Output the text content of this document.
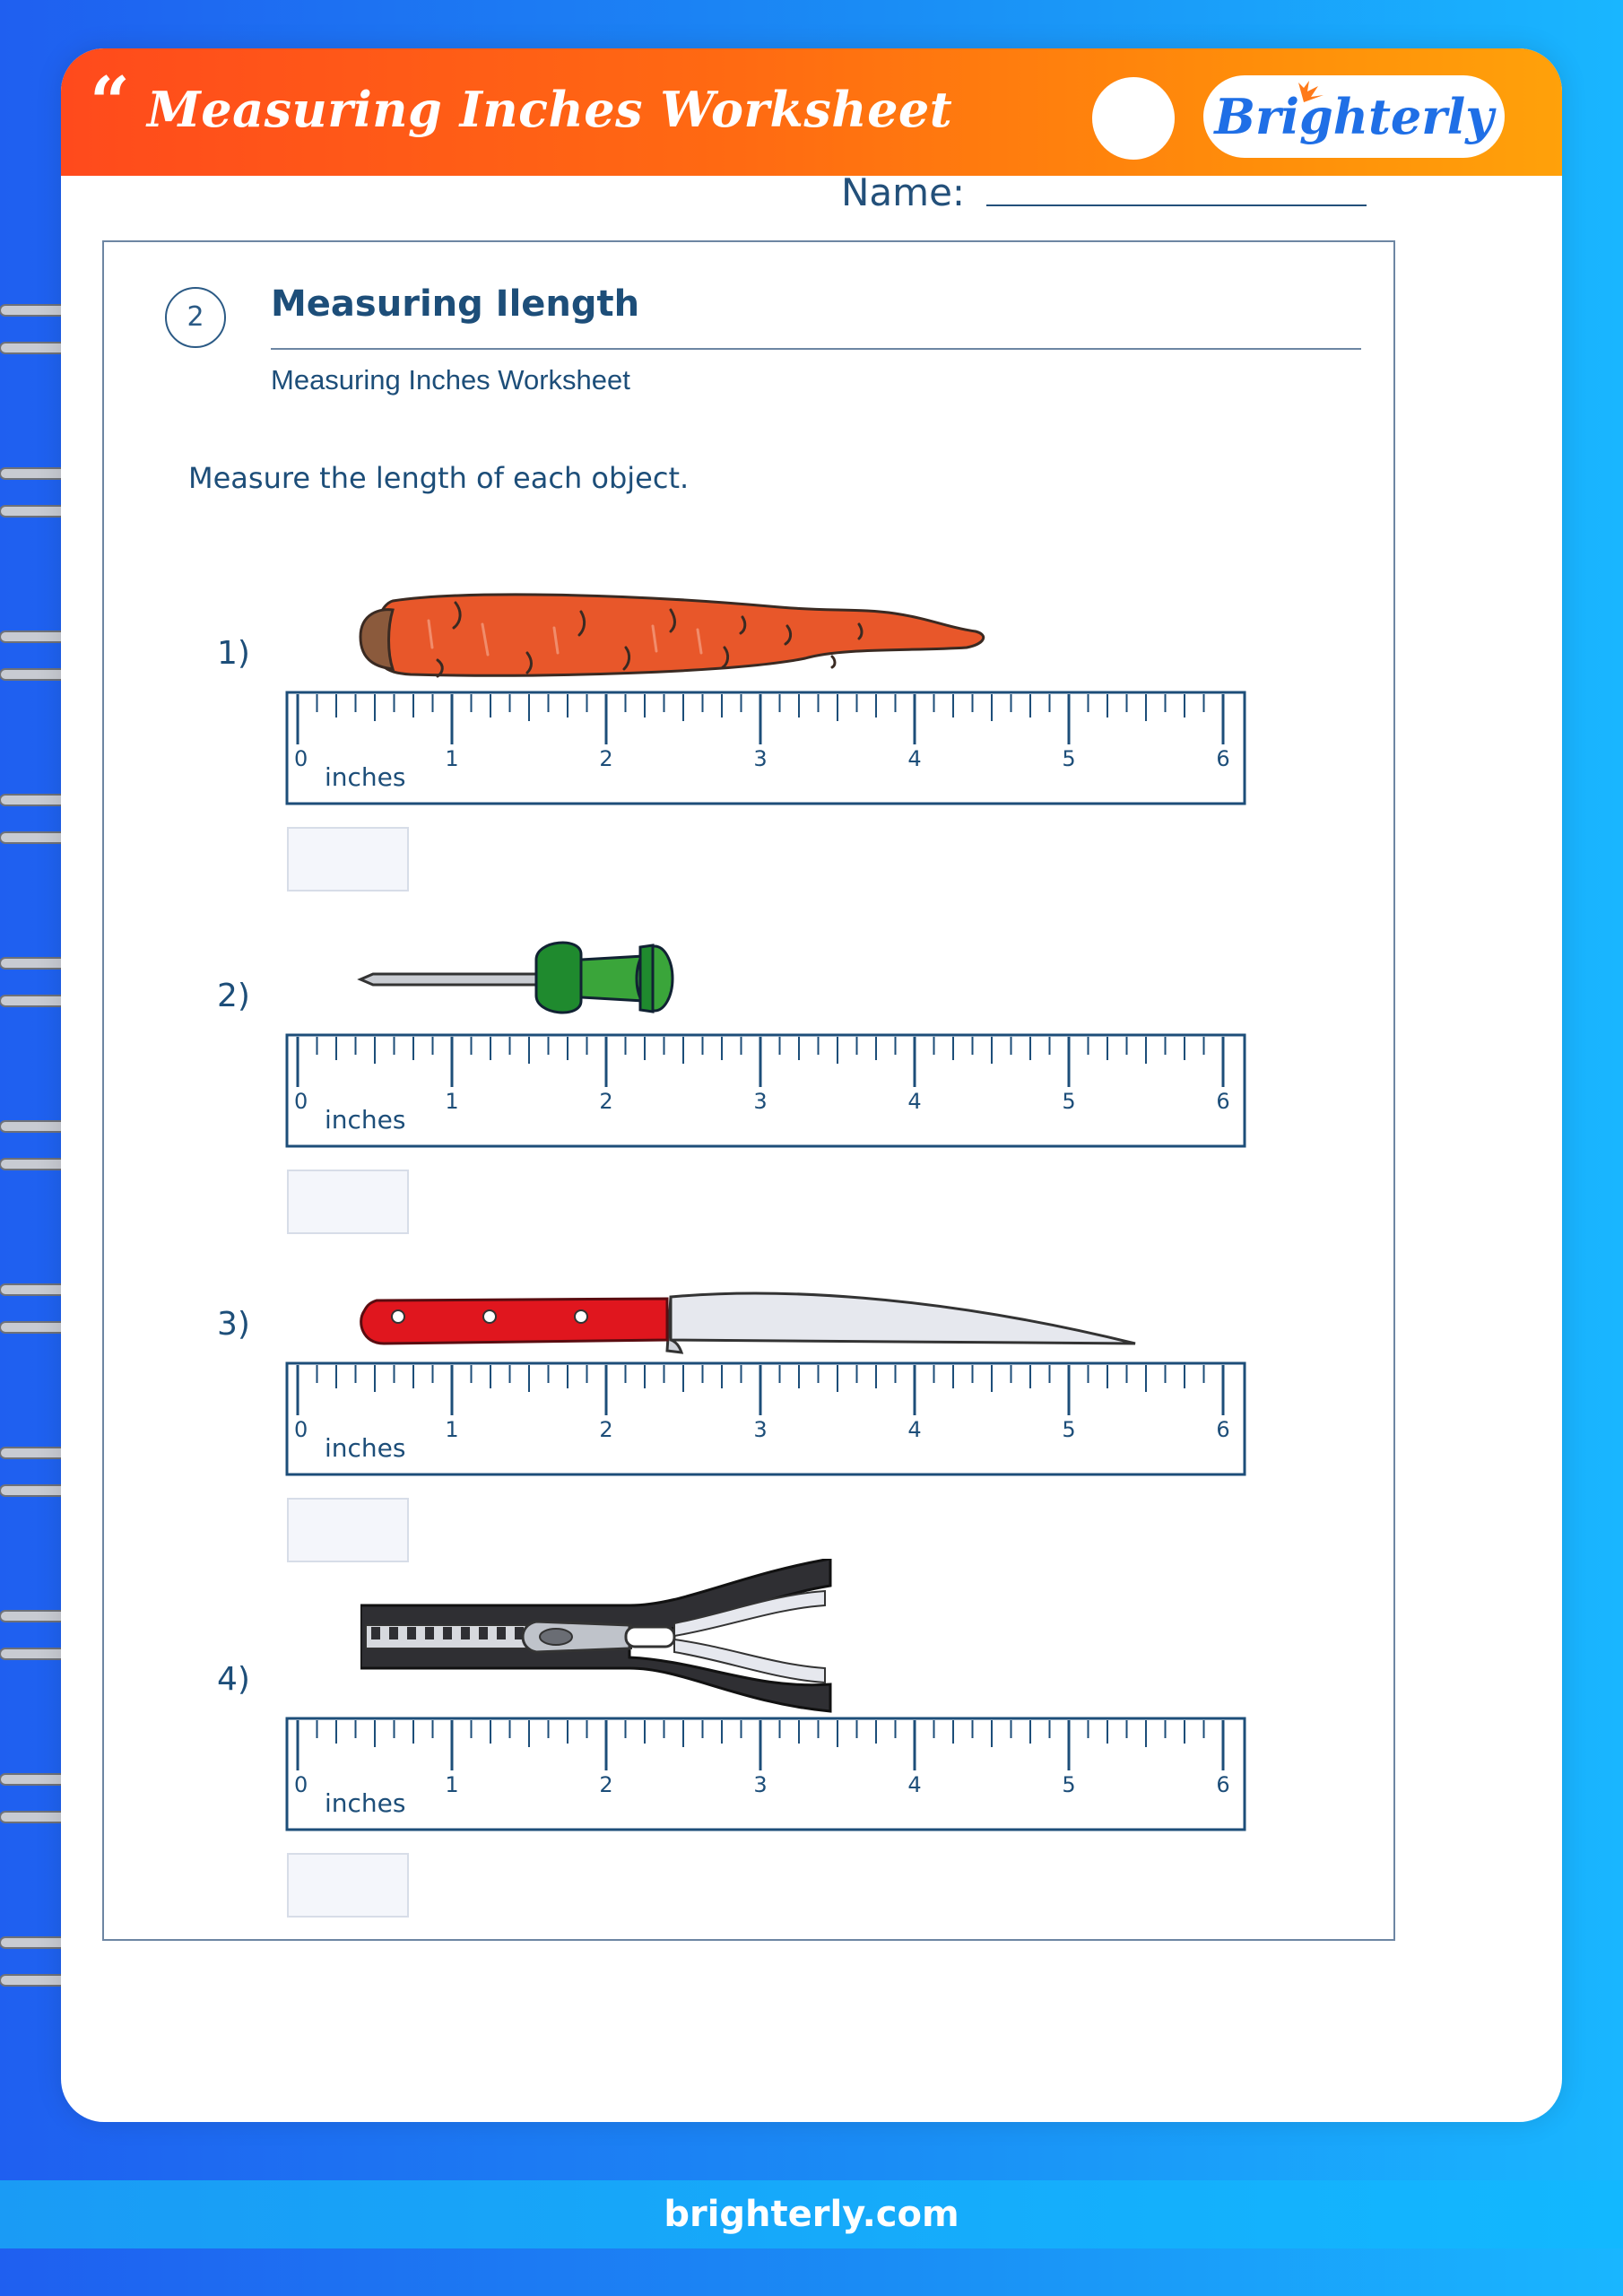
“ Measuring Inches Worksheet	Brighterly
Name:
2	Measuring Ilength
Measuring Inches Worksheet
Measure the length of each object.
1)
0	1	2	3	4	5	6
inches
2)
0	1	2	3	4	5	6
inches
3)
0	1	2	3	4	5	6
inches
4)
0	1	2	3	4	5	6
inches
brighterly.com
